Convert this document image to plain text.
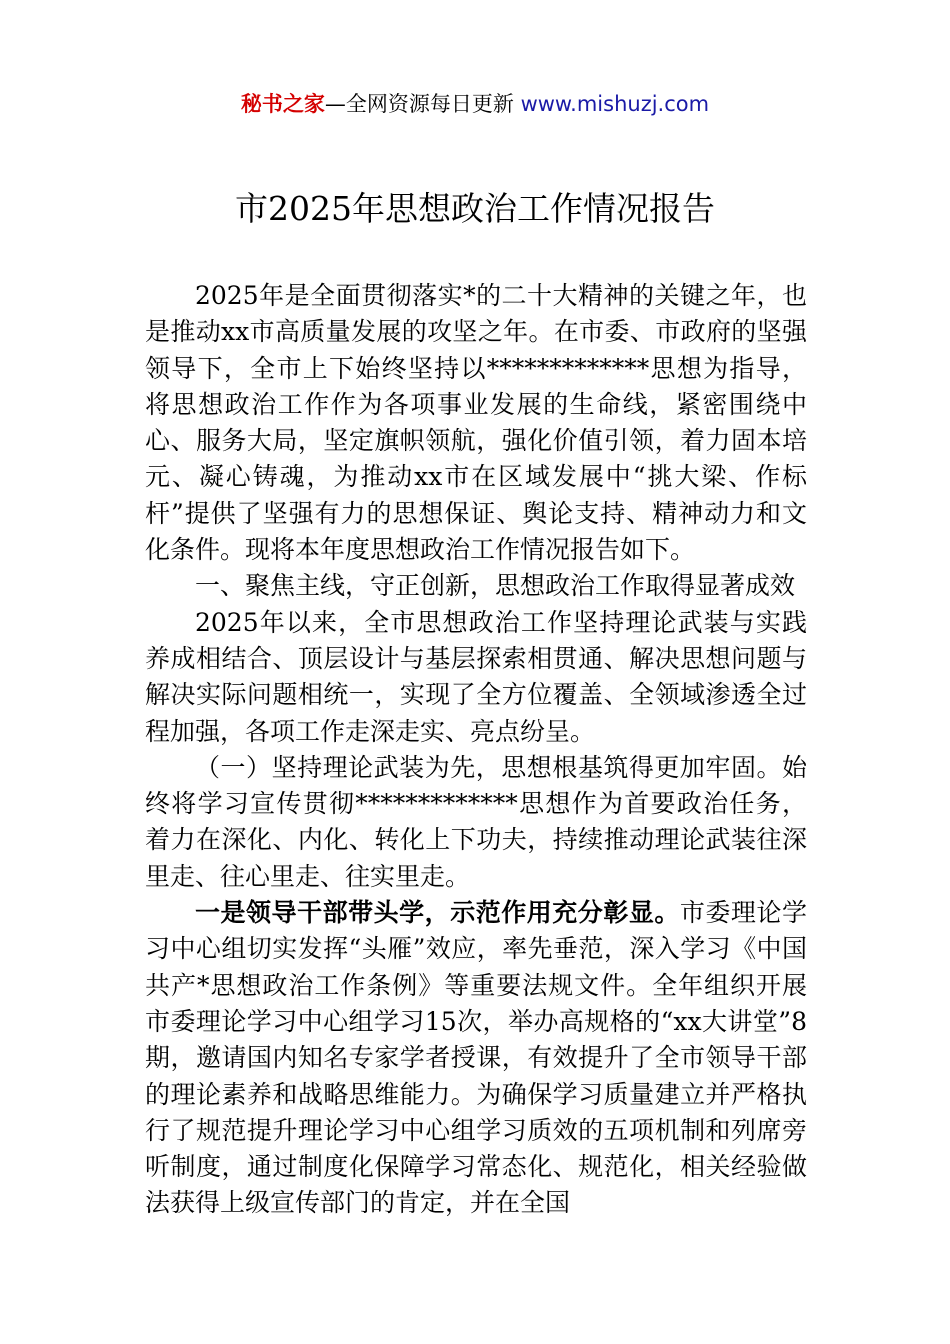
秘书之家—全网资源每日更新 www.mishuzj.com
市2025年思想政治工作情况报告

2025年是全面贯彻落实*的二十大精神的关键之年，也是推动xx市高质量发展的攻坚之年。在市委、市政府的坚强领导下，全市上下始终坚持以*************思想为指导，将思想政治工作作为各项事业发展的生命线，紧密围绕中心、服务大局，坚定旗帜领航，强化价值引领，着力固本培元、凝心铸魂，为推动xx市在区域发展中“挑大梁、作标杆”提供了坚强有力的思想保证、舆论支持、精神动力和文化条件。现将本年度思想政治工作情况报告如下。

一、聚焦主线，守正创新，思想政治工作取得显著成效

2025年以来，全市思想政治工作坚持理论武装与实践养成相结合、顶层设计与基层探索相贯通、解决思想问题与解决实际问题相统一，实现了全方位覆盖、全领域渗透全过程加强，各项工作走深走实、亮点纷呈。

（一）坚持理论武装为先，思想根基筑得更加牢固。始终将学习宣传贯彻*************思想作为首要政治任务，着力在深化、内化、转化上下功夫，持续推动理论武装往深里走、往心里走、往实里走。

一是领导干部带头学，示范作用充分彰显。市委理论学习中心组切实发挥“头雁”效应，率先垂范，深入学习《中国共产*思想政治工作条例》等重要法规文件。全年组织开展市委理论学习中心组学习15次，举办高规格的“xx大讲堂”8期，邀请国内知名专家学者授课，有效提升了全市领导干部的理论素养和战略思维能力。为确保学习质量建立并严格执行了规范提升理论学习中心组学习质效的五项机制和列席旁听制度，通过制度化保障学习常态化、规范化，相关经验做法获得上级宣传部门的肯定，并在全国
